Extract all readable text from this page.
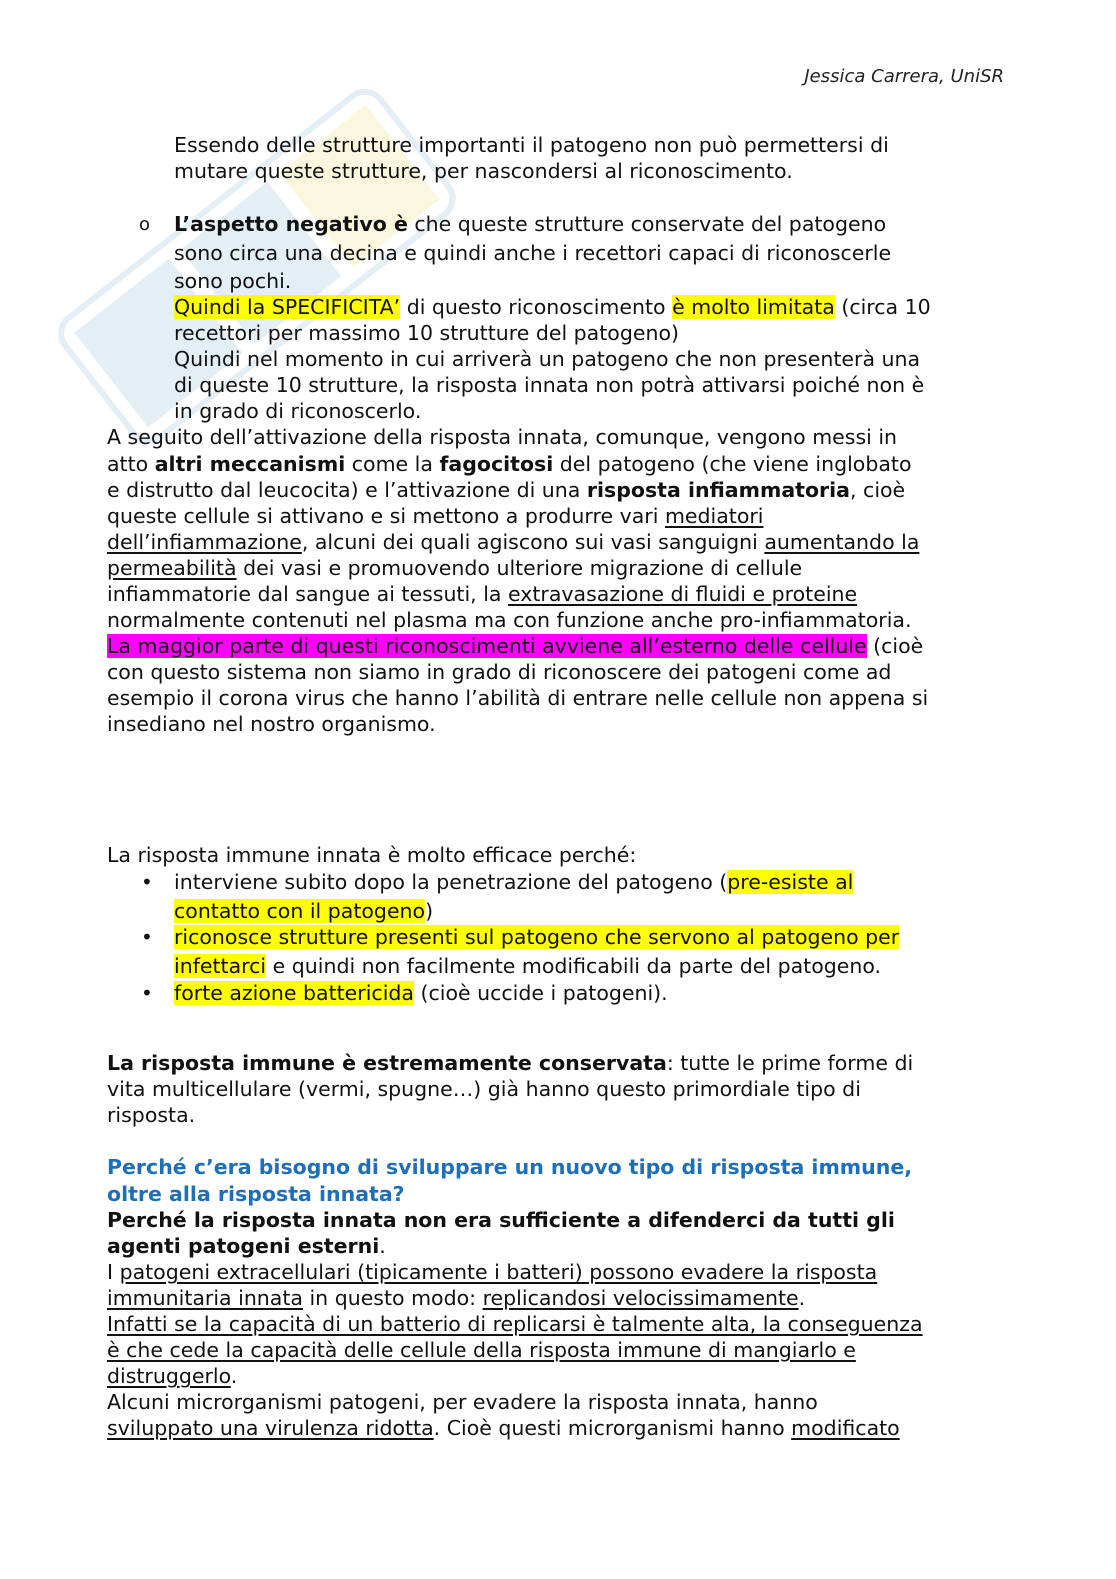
Jessica Carrera, UniSR

Essendo delle strutture importanti il patogeno non può permettersi di

mutare queste strutture, per nascondersi al riconoscimento.

o L’aspetto negativo è che queste strutture conservate del patogeno

sono circa una decina e quindi anche i recettori capaci di riconoscerle

sono pochi.

Quindi la SPECIFICITA’ di questo riconoscimento è molto limitata (circa 10

recettori per massimo 10 strutture del patogeno)

Quindi nel momento in cui arriverà un patogeno che non presenterà una

di queste 10 strutture, la risposta innata non potrà attivarsi poiché non è

in grado di riconoscerlo.

A seguito dell’attivazione della risposta innata, comunque, vengono messi in

atto altri meccanismi come la fagocitosi del patogeno (che viene inglobato

e distrutto dal leucocita) e l’attivazione di una risposta infiammatoria, cioè

queste cellule si attivano e si mettono a produrre vari mediatori

dell’infiammazione, alcuni dei quali agiscono sui vasi sanguigni aumentando la

permeabilità dei vasi e promuovendo ulteriore migrazione di cellule

infiammatorie dal sangue ai tessuti, la extravasazione di fluidi e proteine

normalmente contenuti nel plasma ma con funzione anche pro-infiammatoria.

La maggior parte di questi riconoscimenti avviene all’esterno delle cellule (cioè

con questo sistema non siamo in grado di riconoscere dei patogeni come ad

esempio il corona virus che hanno l’abilità di entrare nelle cellule non appena si

insediano nel nostro organismo.

La risposta immune innata è molto efficace perché:

• interviene subito dopo la penetrazione del patogeno (pre-esiste al

contatto con il patogeno)

• riconosce strutture presenti sul patogeno che servono al patogeno per

infettarci e quindi non facilmente modificabili da parte del patogeno.

• forte azione battericida (cioè uccide i patogeni).

La risposta immune è estremamente conservata: tutte le prime forme di

vita multicellulare (vermi, spugne…) già hanno questo primordiale tipo di

risposta.

Perché c’era bisogno di sviluppare un nuovo tipo di risposta immune,

oltre alla risposta innata?

Perché la risposta innata non era sufficiente a difenderci da tutti gli

agenti patogeni esterni.

I patogeni extracellulari (tipicamente i batteri) possono evadere la risposta

immunitaria innata in questo modo: replicandosi velocissimamente.

Infatti se la capacità di un batterio di replicarsi è talmente alta, la conseguenza

è che cede la capacità delle cellule della risposta immune di mangiarlo e

distruggerlo.

Alcuni microrganismi patogeni, per evadere la risposta innata, hanno

sviluppato una virulenza ridotta. Cioè questi microrganismi hanno modificato
